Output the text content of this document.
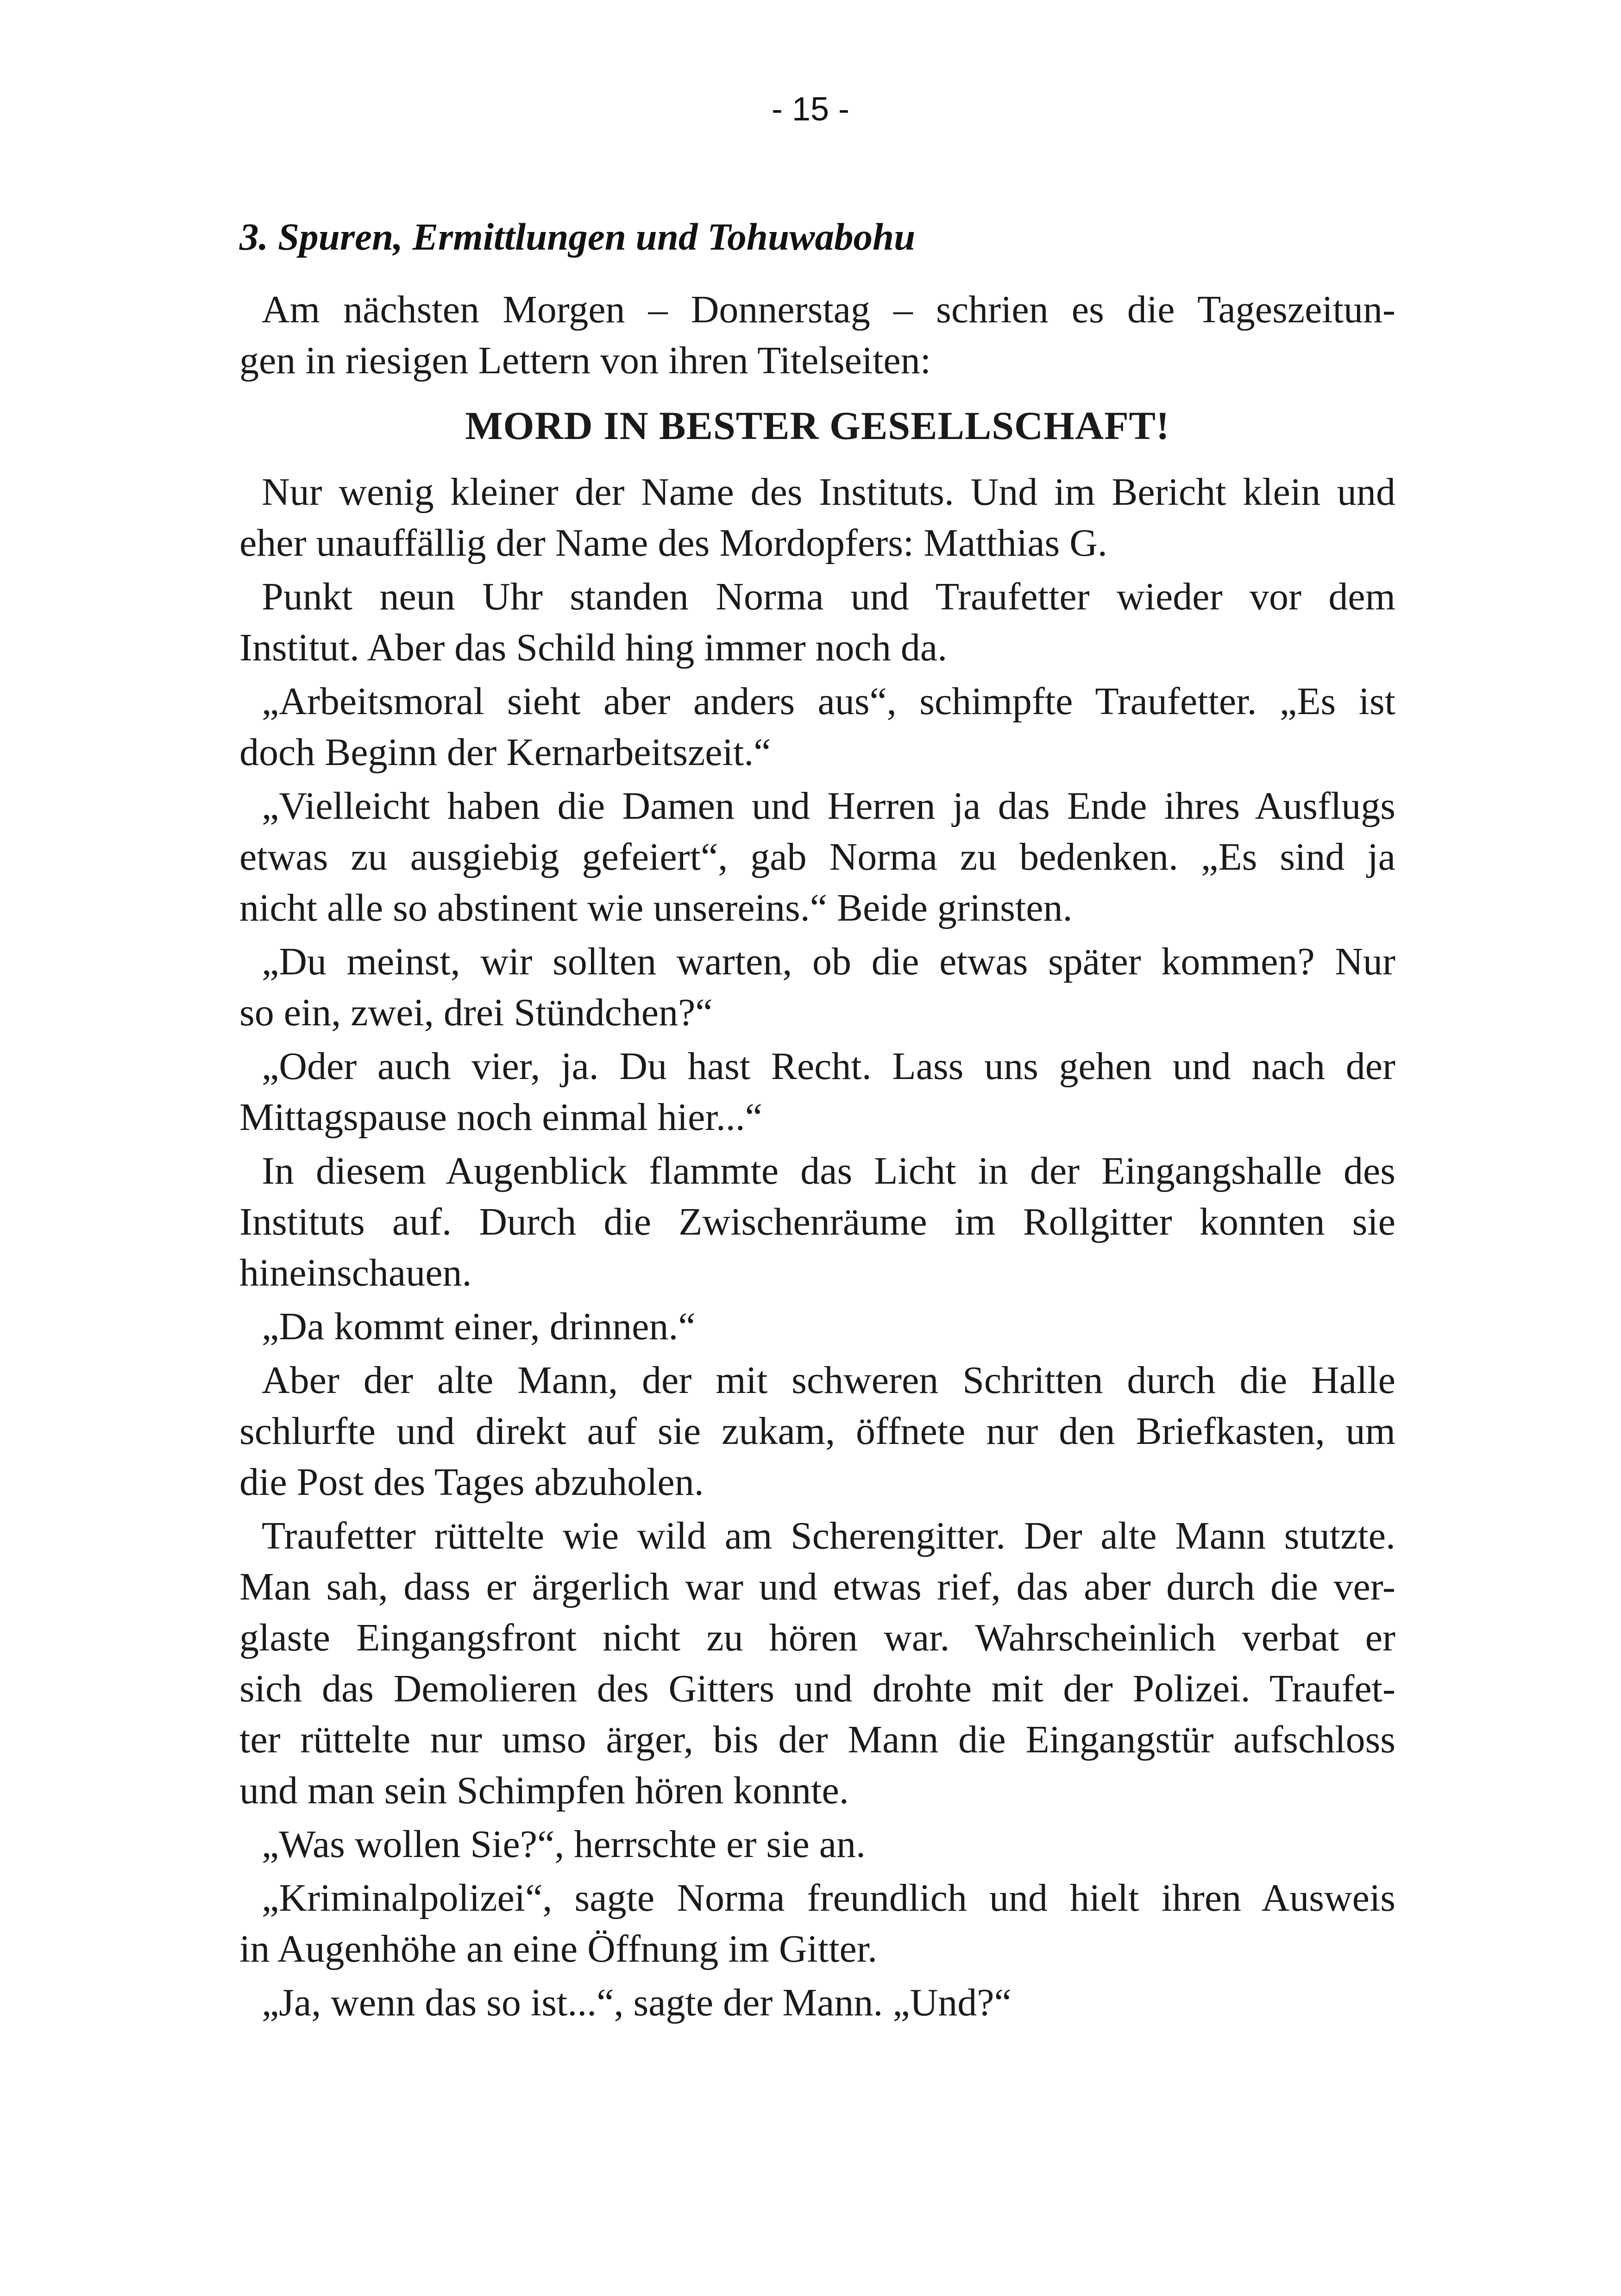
- 15 -
3. Spuren, Ermittlungen und Tohuwabohu

Am nächsten Morgen – Donnerstag – schrien es die Tageszeitun-
gen in riesigen Lettern von ihren Titelseiten:

MORD IN BESTER GESELLSCHAFT!

Nur wenig kleiner der Name des Instituts. Und im Bericht klein und
eher unauffällig der Name des Mordopfers: Matthias G.

Punkt neun Uhr standen Norma und Traufetter wieder vor dem
Institut. Aber das Schild hing immer noch da.

„Arbeitsmoral sieht aber anders aus“, schimpfte Traufetter. „Es ist
doch Beginn der Kernarbeitszeit.“

„Vielleicht haben die Damen und Herren ja das Ende ihres Ausflugs
etwas zu ausgiebig gefeiert“, gab Norma zu bedenken. „Es sind ja
nicht alle so abstinent wie unsereins.“ Beide grinsten.

„Du meinst, wir sollten warten, ob die etwas später kommen? Nur
so ein, zwei, drei Stündchen?“

„Oder auch vier, ja. Du hast Recht. Lass uns gehen und nach der
Mittagspause noch einmal hier...“

In diesem Augenblick flammte das Licht in der Eingangshalle des
Instituts auf. Durch die Zwischenräume im Rollgitter konnten sie
hineinschauen.

„Da kommt einer, drinnen.“

Aber der alte Mann, der mit schweren Schritten durch die Halle
schlurfte und direkt auf sie zukam, öffnete nur den Briefkasten, um
die Post des Tages abzuholen.

Traufetter rüttelte wie wild am Scherengitter. Der alte Mann stutzte.
Man sah, dass er ärgerlich war und etwas rief, das aber durch die ver-
glaste Eingangsfront nicht zu hören war. Wahrscheinlich verbat er
sich das Demolieren des Gitters und drohte mit der Polizei. Traufet-
ter rüttelte nur umso ärger, bis der Mann die Eingangstür aufschloss
und man sein Schimpfen hören konnte.

„Was wollen Sie?“, herrschte er sie an.

„Kriminalpolizei“, sagte Norma freundlich und hielt ihren Ausweis
in Augenhöhe an eine Öffnung im Gitter.

„Ja, wenn das so ist...“, sagte der Mann. „Und?“
